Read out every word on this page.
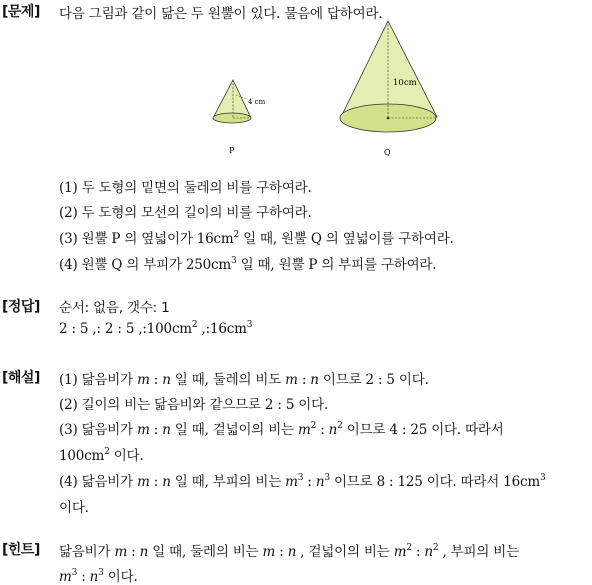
[문제] 다음 그림과 같이 닮은 두 원뿔이 있다. 물음에 답하여라.
4 cm
P
10cm
Q
(1) 두 도형의 밑면의 둘레의 비를 구하여라.
(2) 두 도형의 모선의 길이의 비를 구하여라.
(3) 원뿔 P 의 옆넓이가 $16cm^2$ 일 때, 원뿔 Q 의 옆넓이를 구하여라.
(4) 원뿔 Q 의 부피가 $250cm^3$ 일 때, 원뿔 P 의 부피를 구하여라.
[정답] 순서: 없음, 갯수: 1
2 : 5 ,: 2 : 5 $,:100cm^2$ $,:16cm^3$
[해설] (1) 닮음비가 m : n 일 때, 둘레의 비도 m : n 이므로 2 : 5 이다.
(2) 길이의 비는 닮음비와 같으므로 2 : 5 이다.
(3) 닮음비가 m : n 일 때, 겉넓이의 비는 $m^2$ : $n^2$ 이므로 4 : 25 이다. 따라서
$100cm^2$ 이다.
(4) 닮음비가 m : n 일 때, 부피의 비는 $m^3$ : $n^3$ 이므로 8 : 125 이다. 따라서 $16cm^3$
이다.
[힌트] 닮음비가 m : n 일 때, 둘레의 비는 m : n , 겉넓이의 비는 $m^2$ : $n^2$ , 부피의 비는
$m^3$ : $n^3$ 이다.
